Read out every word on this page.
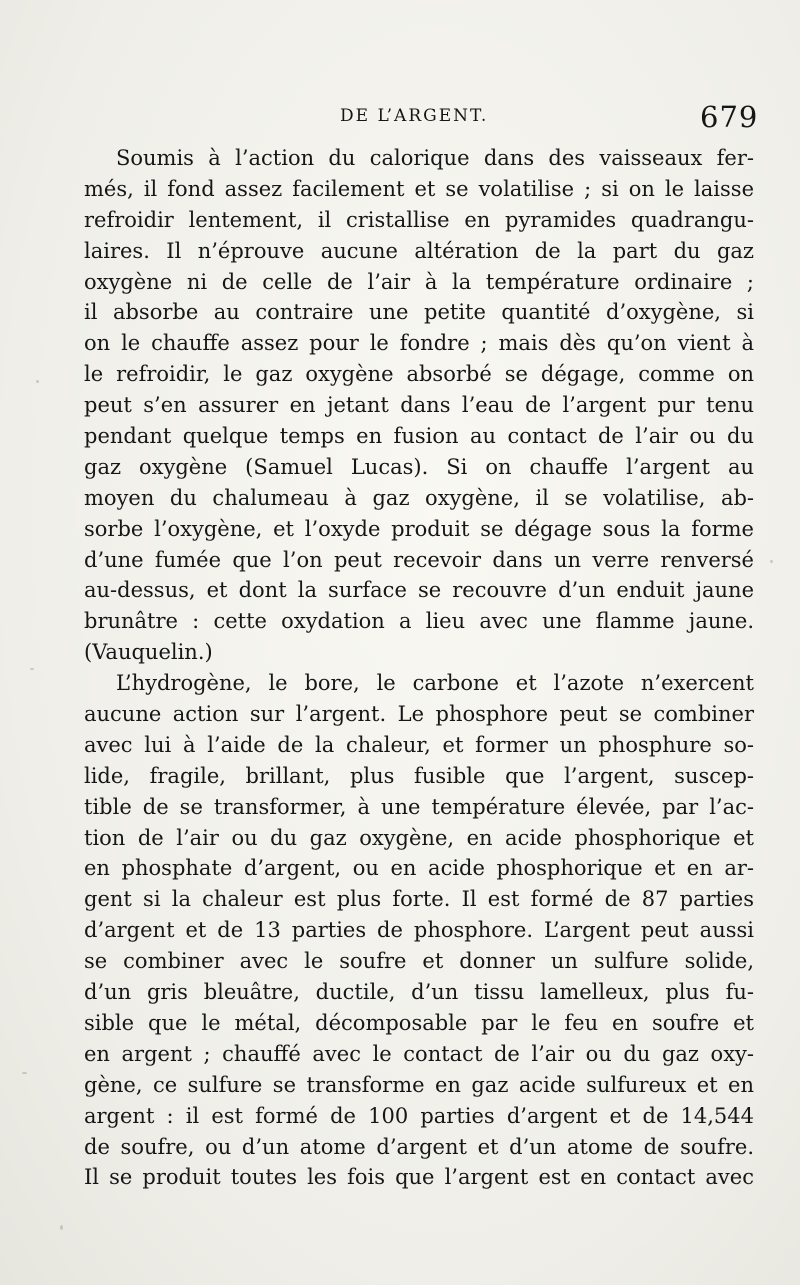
DE L’ARGENT.	679
Soumis à l’action du calorique dans des vaisseaux fer-
més, il fond assez facilement et se volatilise ; si on le laisse
refroidir lentement, il cristallise en pyramides quadrangu-
laires. Il n’éprouve aucune altération de la part du gaz
oxygène ni de celle de l’air à la température ordinaire ;
il absorbe au contraire une petite quantité d’oxygène, si
on le chauffe assez pour le fondre ; mais dès qu’on vient à
le refroidir, le gaz oxygène absorbé se dégage, comme on
peut s’en assurer en jetant dans l’eau de l’argent pur tenu
pendant quelque temps en fusion au contact de l’air ou du
gaz oxygène (Samuel Lucas). Si on chauffe l’argent au
moyen du chalumeau à gaz oxygène, il se volatilise, ab-
sorbe l’oxygène, et l’oxyde produit se dégage sous la forme
d’une fumée que l’on peut recevoir dans un verre renversé
au-dessus, et dont la surface se recouvre d’un enduit jaune
brunâtre : cette oxydation a lieu avec une flamme jaune.
(Vauquelin.)
L’hydrogène, le bore, le carbone et l’azote n’exercent
aucune action sur l’argent. Le phosphore peut se combiner
avec lui à l’aide de la chaleur, et former un phosphure so-
lide, fragile, brillant, plus fusible que l’argent, suscep-
tible de se transformer, à une température élevée, par l’ac-
tion de l’air ou du gaz oxygène, en acide phosphorique et
en phosphate d’argent, ou en acide phosphorique et en ar-
gent si la chaleur est plus forte. Il est formé de 87 parties
d’argent et de 13 parties de phosphore. L’argent peut aussi
se combiner avec le soufre et donner un sulfure solide,
d’un gris bleuâtre, ductile, d’un tissu lamelleux, plus fu-
sible que le métal, décomposable par le feu en soufre et
en argent ; chauffé avec le contact de l’air ou du gaz oxy-
gène, ce sulfure se transforme en gaz acide sulfureux et en
argent : il est formé de 100 parties d’argent et de 14,544
de soufre, ou d’un atome d’argent et d’un atome de soufre.
Il se produit toutes les fois que l’argent est en contact avec
